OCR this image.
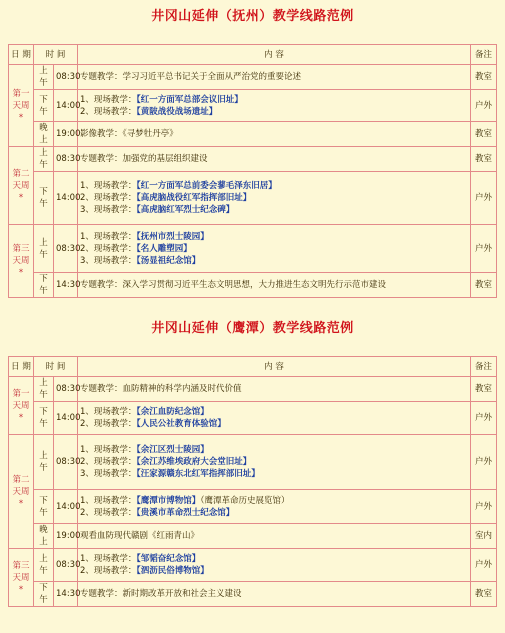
井冈山延伸（抚州）教学线路范例
日 期	时 间		内 容	备注
第一天周*	上午	08:30	专题教学：学习习近平总书记关于全面从严治党的重要论述	教室
	下午	14:00	1、现场教学：【红一方面军总部会议旧址】
2、现场教学：【黄陂战役战场遗址】	户外
	晚上	19:00	影像教学：《寻梦牡丹亭》	教室
第二天周*	上午	08:30	专题教学：加强党的基层组织建设	教室
	下午	14:00	1、现场教学：【红一方面军总前委会蓼毛泽东旧居】
2、现场教学：【高虎脑战役红军指挥部旧址】
3、现场教学：【高虎脑红军烈士纪念碑】	户外
第三天周*	上午	08:30	1、现场教学：【抚州市烈士陵园】
2、现场教学：【名人雕塑园】
3、现场教学：【汤显祖纪念馆】	户外
	下午	14:30	专题教学：深入学习贯彻习近平生态文明思想，大力推进生态文明先行示范市建设	教室
井冈山延伸（鹰潭）教学线路范例
日 期	时 间		内 容	备注
第一天周*	上午	08:30	专题教学：血防精神的科学内涵及时代价值	教室
	下午	14:00	1、现场教学：【余江血防纪念馆】
2、现场教学：【人民公社教育体验馆】	户外
第二天周*	上午	08:30	1、现场教学：【余江区烈士陵园】
2、现场教学：【余江苏维埃政府大会堂旧址】
3、现场教学：【汪家源赣东北红军指挥部旧址】	户外
	下午	14:00	1、现场教学：【鹰潭市博物馆】（鹰潭革命历史展览馆）
2、现场教学：【贵溪市革命烈士纪念馆】	户外
	晚上	19:00	观看血防现代赣剧《红雨青山》	室内
第三天周*	上午	08:30	1、现场教学：【邹韬奋纪念馆】
2、现场教学：【泗沥民俗博物馆】	户外
	下午	14:30	专题教学：新时期改革开放和社会主义建设	教室
